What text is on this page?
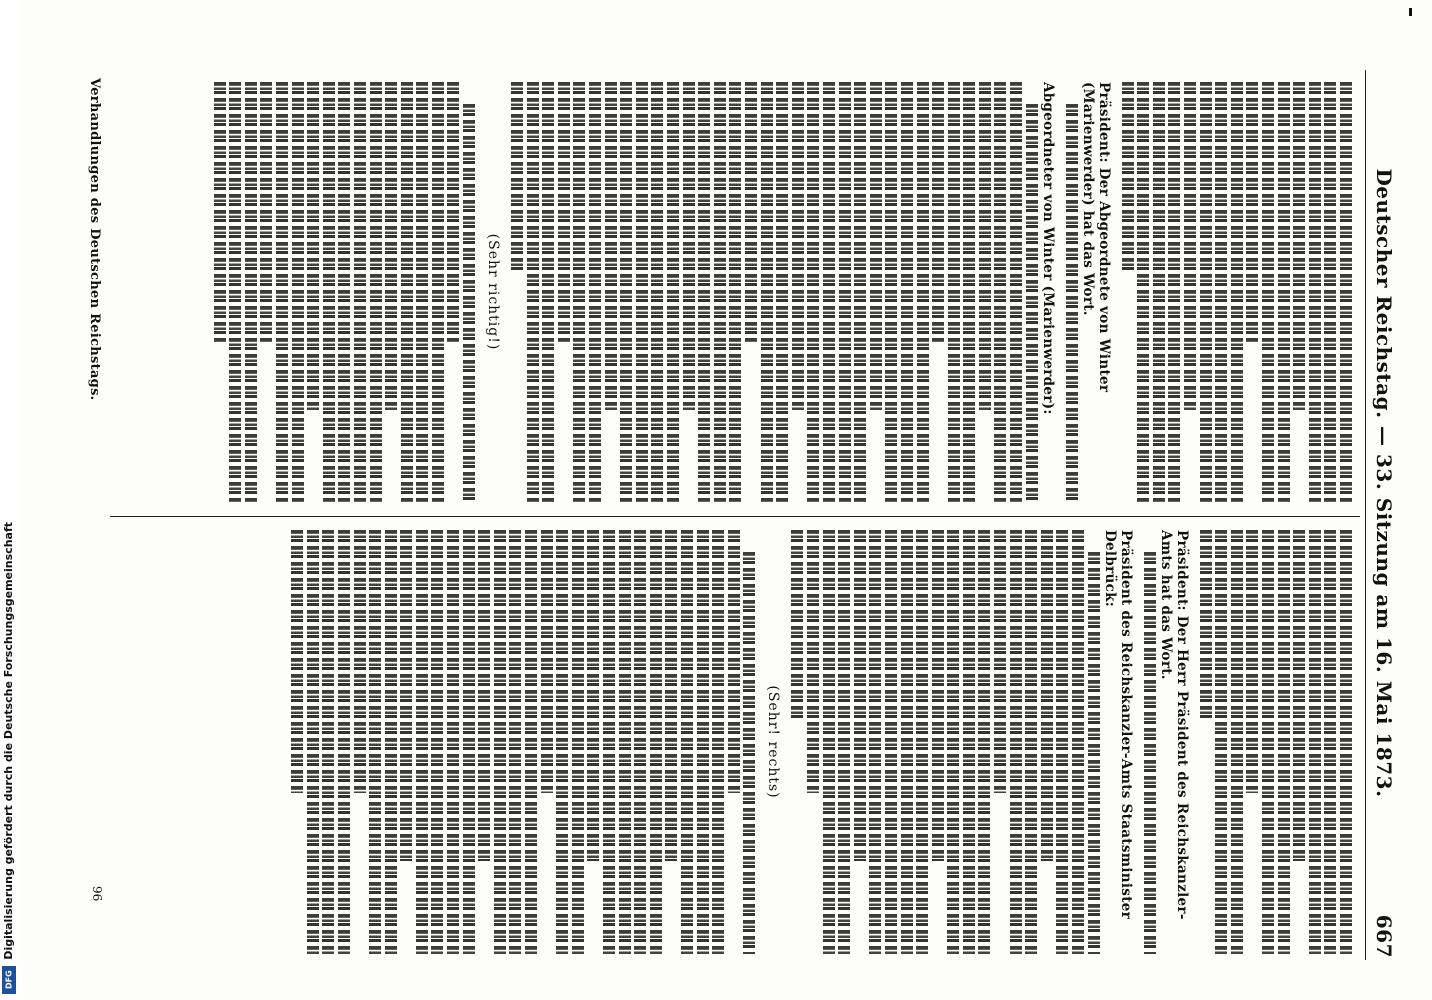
Deutscher Reichstag. — 33. Sitzung am 16. Mai 1873.
667
Präsident: Der Abgeordnete von Winter (Marienwerder) hat das Wort.
Abgeordneter von Winter (Marienwerder):
(Sehr richtig!)
Präsident: Der Herr Präsident des Reichskanzler-Amts hat das Wort.
Präsident des Reichskanzler-Amts Staatsminister Delbrück:
(Sehr! rechts)
Verhandlungen des Deutschen Reichstags.
96
Digitalisierung gefördert durch die Deutsche Forschungsgemeinschaft
DFG
